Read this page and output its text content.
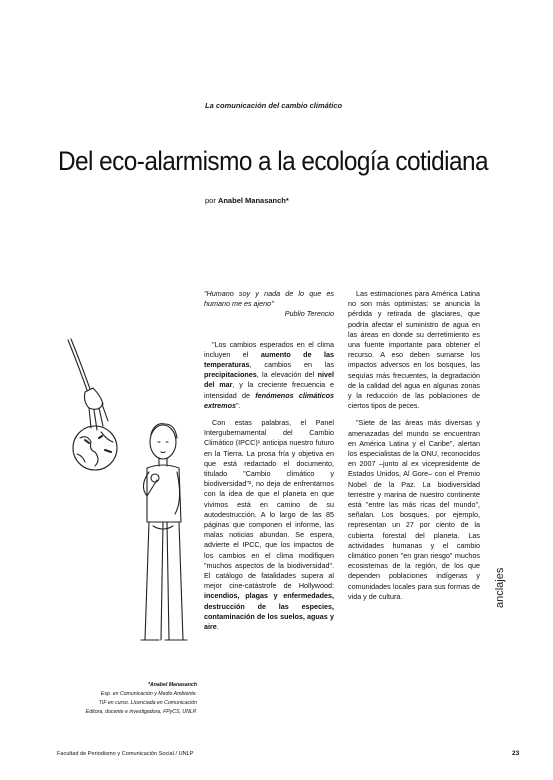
La comunicación del cambio climático
Del eco-alarmismo a la ecología cotidiana
por Anabel Manasanch*
*Anabel Manasanch
Esp. en Comunicación y Medio Ambiente.
TIF en curso. Licenciada en Comunicación
Editora, docente e investigadora, FPyCS, UNLP.

"Humano soy y nada de lo que es humano me es ajeno"

Publio Terencio

"Los cambios esperados en el clima incluyen el aumento de las temperaturas, cambios en las precipitaciones, la elevación del nivel del mar, y la creciente frecuencia e intensidad de fenómenos climáticos extremos".

Con estas palabras, el Panel Intergubernamental del Cambio Climático (IPCC)¹ anticipa nuestro futuro en la Tierra. La prosa fría y objetiva en que está redactado el documento, titulado "Cambio climático y biodiversidad"², no deja de enfrentarnos con la idea de que el planeta en que vivimos está en camino de su autodestrucción. A lo largo de las 85 páginas que componen el informe, las malas noticias abundan. Se espera, advierte el IPCC, que los impactos de los cambios en el clima modifiquen "muchos aspectos de la biodiversidad". El catálogo de fatalidades supera al mejor cine-catástrofe de Hollywood: incendios, plagas y enfermedades, destrucción de las especies, contaminación de los suelos, aguas y aire.

Las estimaciones para América Latina no son más optimistas: se anuncia la pérdida y retirada de glaciares, que podría afectar el suministro de agua en las áreas en donde su derretimiento es una fuente importante para obtener el recurso. A eso deben sumarse los impactos adversos en los bosques, las sequías más frecuentes, la degradación de la calidad del agua en algunas zonas y la reducción de las poblaciones de ciertos tipos de peces.

"Siete de las áreas más diversas y amenazadas del mundo se encuentran en América Latina y el Caribe", alertan los especialistas de la ONU, reconocidos en 2007 –junto al ex vicepresidente de Estados Unidos, Al Gore– con el Premio Nobel de la Paz. La biodiversidad terrestre y marina de nuestro continente está "entre las más ricas del mundo", señalan. Los bosques, por ejemplo, representan un 27 por ciento de la cubierta forestal del planeta. Las actividades humanas y el cambio climático ponen "en gran riesgo" muchos ecosistemas de la región, de los que dependen poblaciones indígenas y comunidades locales para sus formas de vida y de cultura.	anclajes
Facultad de Periodismo y Comunicación Social / UNLP	23
